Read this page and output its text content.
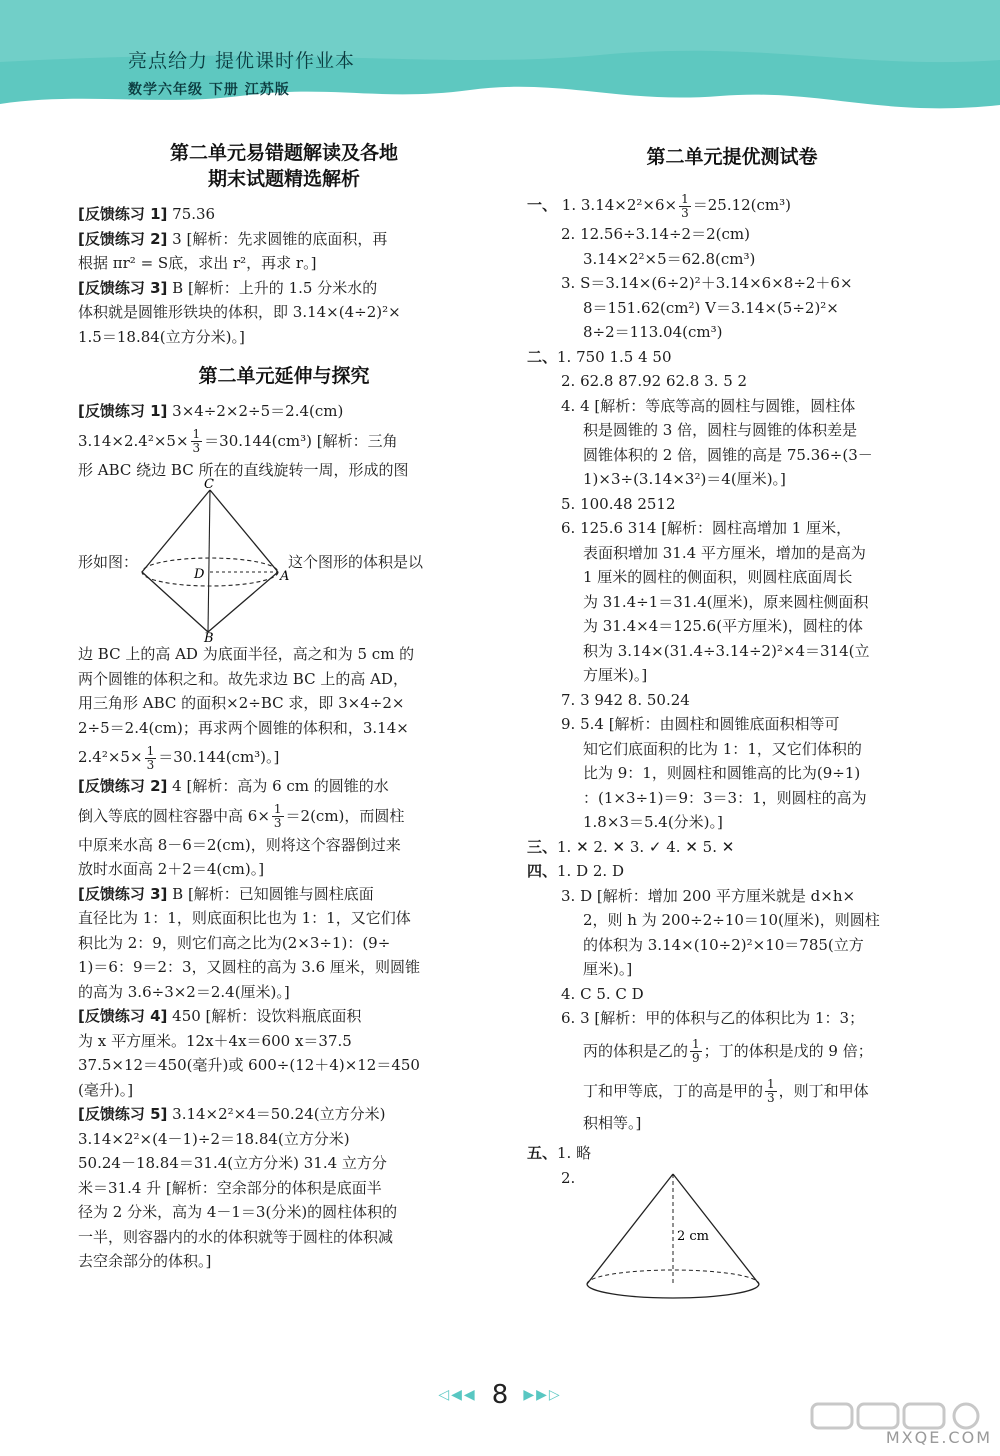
亮点给力 提优课时作业本
数学六年级 下册 江苏版
第二单元易错题解读及各地
期末试题精选解析

[反馈练习 1] 75.36

[反馈练习 2] 3 [解析：先求圆锥的底面积，再

根据 πr² = S底，求出 r²，再求 r。]

[反馈练习 3] B [解析：上升的 1.5 分米水的

体积就是圆锥形铁块的体积，即 3.14×(4÷2)²×

1.5＝18.84(立方分米)。]

第二单元延伸与探究

[反馈练习 1] 3×4÷2×2÷5＝2.4(cm)

$3.14\times 2.4^2\times 5\times \frac{1}{3} =30.144(cm^3)$ [解析：三角

形 ABC 绕边 BC 所在的直线旋转一周，形成的图

形如图：

C
D	A
B

这个图形的体积是以

边 BC 上的高 AD 为底面半径，高之和为 5 cm 的

两个圆锥的体积之和。故先求边 BC 上的高 AD，

用三角形 ABC 的面积×2÷BC 求，即 3×4÷2×

2÷5＝2.4(cm)；再求两个圆锥的体积和，3.14×

$2.4^2\times 5\times \frac{1}{3} =30.144(cm^3)$。]

[反馈练习 2] 4 [解析：高为 6 cm 的圆锥的水

倒入等底的圆柱容器中高 $6\times \frac{1}{3} =2(cm)$，而圆柱

中原来水高 8－6＝2(cm)，则将这个容器倒过来

放时水面高 2＋2＝4(cm)。]

[反馈练习 3] B [解析：已知圆锥与圆柱底面

直径比为 1：1，则底面积比也为 1：1，又它们体

积比为 2：9，则它们高之比为(2×3÷1)：(9÷

1)＝6：9＝2：3，又圆柱的高为 3.6 厘米，则圆锥

的高为 3.6÷3×2＝2.4(厘米)。]

[反馈练习 4] 450 [解析：设饮料瓶底面积

为 x 平方厘米。12x＋4x＝600 x＝37.5

37.5×12＝450(毫升)或 600÷(12＋4)×12＝450

(毫升)。]

[反馈练习 5] 3.14×2²×4＝50.24(立方分米)

3.14×2²×(4－1)÷2＝18.84(立方分米)

50.24－18.84＝31.4(立方分米) 31.4 立方分

米＝31.4 升 [解析：空余部分的体积是底面半

径为 2 分米，高为 4－1＝3(分米)的圆柱体积的

一半，则容器内的水的体积就等于圆柱的体积减

去空余部分的体积。]

第二单元提优测试卷

一、 1. $3.14\times 2^2\times 6\times \frac{1}{3} =25.12(cm^3)$

2. 12.56÷3.14÷2＝2(cm)

3.14×2²×5＝62.8(cm³)

3. S＝3.14×(6÷2)²＋3.14×6×8÷2＋6×

8＝151.62(cm²) V＝3.14×(5÷2)²×

8÷2＝113.04(cm³)

二、1. 750 1.5 4 50

2. 62.8 87.92 62.8 3. 5 2

4. 4 [解析：等底等高的圆柱与圆锥，圆柱体

积是圆锥的 3 倍，圆柱与圆锥的体积差是

圆锥体积的 2 倍，圆锥的高是 75.36÷(3－

1)×3÷(3.14×3²)＝4(厘米)。]

5. 100.48 2512

6. 125.6 314 [解析：圆柱高增加 1 厘米，

表面积增加 31.4 平方厘米，增加的是高为

1 厘米的圆柱的侧面积，则圆柱底面周长

为 31.4÷1＝31.4(厘米)，原来圆柱侧面积

为 31.4×4＝125.6(平方厘米)，圆柱的体

积为 3.14×(31.4÷3.14÷2)²×4＝314(立

方厘米)。]

7. 3 942 8. 50.24

9. 5.4 [解析：由圆柱和圆锥底面积相等可

知它们底面积的比为 1：1，又它们体积的

比为 9：1，则圆柱和圆锥高的比为(9÷1)

：(1×3÷1)＝9：3＝3：1，则圆柱的高为

1.8×3＝5.4(分米)。]

三、1. ✕ 2. ✕ 3. ✓ 4. ✕ 5. ✕

四、1. D 2. D

3. D [解析：增加 200 平方厘米就是 d×h×

2，则 h 为 200÷2÷10＝10(厘米)，则圆柱

的体积为 3.14×(10÷2)²×10＝785(立方

厘米)。]

4. C 5. C D

6. 3 [解析：甲的体积与乙的体积比为 1：3；

丙的体积是乙的 $\frac{1}{9}$ ；丁的体积是戊的 9 倍；

丁和甲等底，丁的高是甲的 $\frac{1}{3}$ ，则丁和甲体

积相等。]

五、1. 略

2.

2 cm
◁◀◀ 8 ▶▶▷
MXQE.COM
